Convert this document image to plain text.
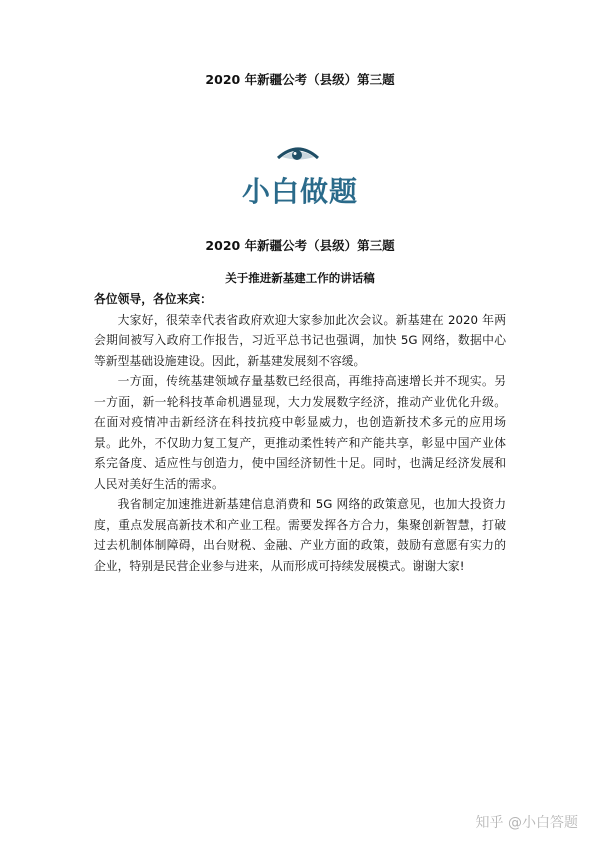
2020 年新疆公考（县级）第三题
小白做题
2020 年新疆公考（县级）第三题
关于推进新基建工作的讲话稿

各位领导，各位来宾：

大家好，很荣幸代表省政府欢迎大家参加此次会议。新基建在 2020 年两会期间被写入政府工作报告，习近平总书记也强调，加快 5G 网络，数据中心等新型基础设施建设。因此，新基建发展刻不容缓。

一方面，传统基建领域存量基数已经很高，再维持高速增长并不现实。另一方面，新一轮科技革命机遇显现，大力发展数字经济，推动产业优化升级。在面对疫情冲击新经济在科技抗疫中彰显威力，也创造新技术多元的应用场景。此外，不仅助力复工复产，更推动柔性转产和产能共享，彰显中国产业体系完备度、适应性与创造力，使中国经济韧性十足。同时，也满足经济发展和人民对美好生活的需求。

我省制定加速推进新基建信息消费和 5G 网络的政策意见，也加大投资力度，重点发展高新技术和产业工程。需要发挥各方合力，集聚创新智慧，打破过去机制体制障碍，出台财税、金融、产业方面的政策，鼓励有意愿有实力的企业，特别是民营企业参与进来，从而形成可持续发展模式。谢谢大家!

知乎 @小白答题
